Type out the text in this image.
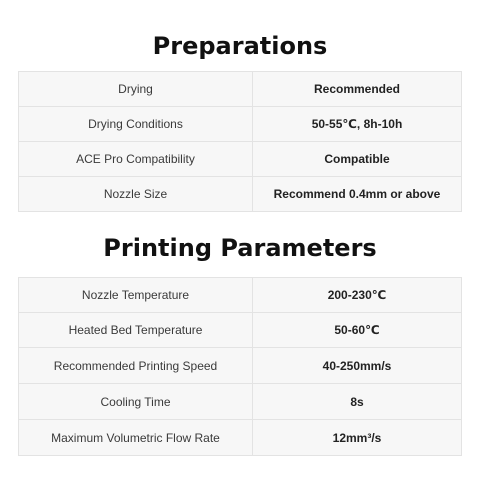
Preparations
Drying	Recommended
Drying Conditions	50-55℃, 8h-10h
ACE Pro Compatibility	Compatible
Nozzle Size	Recommend 0.4mm or above
Printing Parameters
Nozzle Temperature	200-230℃
Heated Bed Temperature	50-60℃
Recommended Printing Speed	40-250mm/s
Cooling Time	8s
Maximum Volumetric Flow Rate	12mm³/s
